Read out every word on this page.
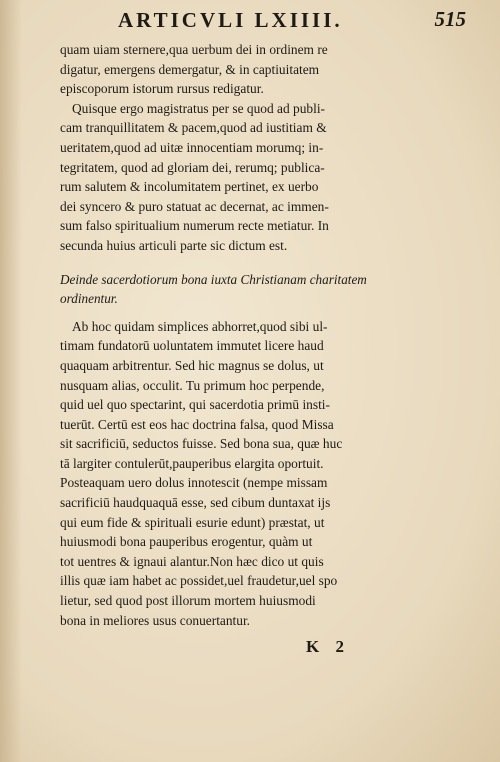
ARTICVLI LXIIII.	515
quam uiam sternere,qua uerbum dei in ordinem re
digatur, emergens demergatur, & in captiuitatem
episcoporum istorum rursus redigatur.
Quisque ergo magistratus per se quod ad publi-
cam tranquillitatem & pacem,quod ad iustitiam &
ueritatem,quod ad uitæ innocentiam morumq; in-
tegritatem, quod ad gloriam dei, rerumq; publica-
rum salutem & incolumitatem pertinet, ex uerbo
dei syncero & puro statuat ac decernat, ac immen-
sum falso spiritualium numerum recte metiatur. In
secunda huius articuli parte sic dictum est.
Deinde sacerdotiorum bona iuxta Christianam charitatem
ordinentur.
Ab hoc quidam simplices abhorret,quod sibi ul-
timam fundatorū uoluntatem immutet licere haud
quaquam arbitrentur. Sed hic magnus se dolus, ut
nusquam alias, occulit. Tu primum hoc perpende,
quid uel quo spectarint, qui sacerdotia primū insti-
tuerūt. Certū est eos hac doctrina falsa, quod Missa
sit sacrificiū, seductos fuisse. Sed bona sua, quæ huc
tā largiter contulerūt,pauperibus elargita oportuit.
Posteaquam uero dolus innotescit (nempe missam
sacrificiū haudquaquā esse, sed cibum duntaxat ijs
qui eum fide & spirituali esurie edunt) præstat, ut
huiusmodi bona pauperibus erogentur, quàm ut
tot uentres & ignaui alantur.Non hæc dico ut quis
illis quæ iam habet ac possidet,uel fraudetur,uel spo
lietur, sed quod post illorum mortem huiusmodi
bona in meliores usus conuertantur.
K 2
